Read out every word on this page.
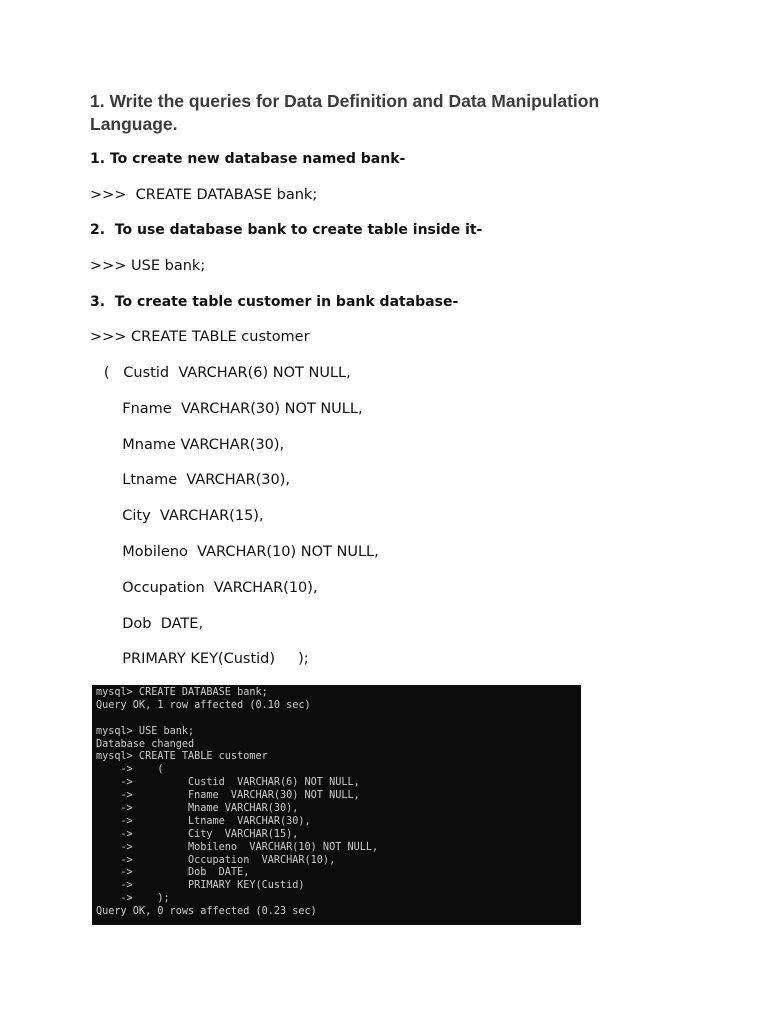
1. Write the queries for Data Definition and Data Manipulation Language.
1. To create new database named bank-
>>>  CREATE DATABASE bank;
2.  To use database bank to create table inside it-
>>> USE bank;
3.  To create table customer in bank database-
>>> CREATE TABLE customer
(   Custid  VARCHAR(6) NOT NULL,
Fname  VARCHAR(30) NOT NULL,
Mname VARCHAR(30),
Ltname  VARCHAR(30),
City  VARCHAR(15),
Mobileno  VARCHAR(10) NOT NULL,
Occupation  VARCHAR(10),
Dob  DATE,
PRIMARY KEY(Custid)     );
mysql> CREATE DATABASE bank;
Query OK, 1 row affected (0.10 sec)
mysql> USE bank;
Database changed
mysql> CREATE TABLE customer
->    (
->         Custid  VARCHAR(6) NOT NULL,
->         Fname  VARCHAR(30) NOT NULL,
->         Mname VARCHAR(30),
->         Ltname  VARCHAR(30),
->         City  VARCHAR(15),
->         Mobileno  VARCHAR(10) NOT NULL,
->         Occupation  VARCHAR(10),
->         Dob  DATE,
->         PRIMARY KEY(Custid)
->    );
Query OK, 0 rows affected (0.23 sec)
